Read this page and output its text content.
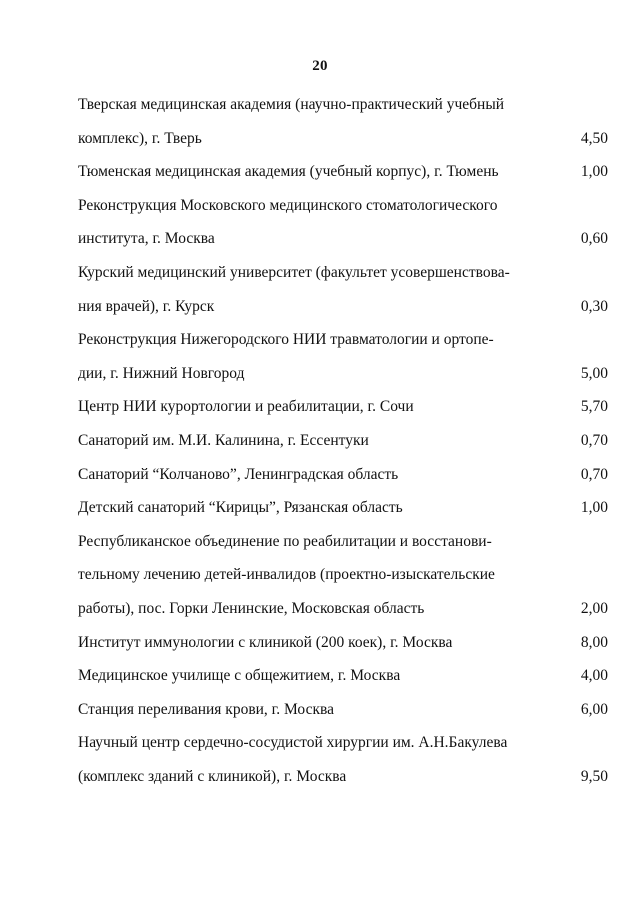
20
Тверская медицинская академия (научно-практический учебный
комплекс), г. Тверь	4,50
Тюменская медицинская академия (учебный корпус), г. Тюмень	1,00
Реконструкция Московского медицинского стоматологического
института, г. Москва	0,60
Курский медицинский университет (факультет усовершенствова-
ния врачей), г. Курск	0,30
Реконструкция Нижегородского НИИ травматологии и ортопе-
дии, г. Нижний Новгород	5,00
Центр НИИ курортологии и реабилитации, г. Сочи	5,70
Санаторий им. М.И. Калинина, г. Ессентуки	0,70
Санаторий “Колчаново”, Ленинградская область	0,70
Детский санаторий “Кирицы”, Рязанская область	1,00
Республиканское объединение по реабилитации и восстанови-
тельному лечению детей-инвалидов (проектно-изыскательские
работы), пос. Горки Ленинские, Московская область	2,00
Институт иммунологии с клиникой (200 коек), г. Москва	8,00
Медицинское училище с общежитием, г. Москва	4,00
Станция переливания крови, г. Москва	6,00
Научный центр сердечно-сосудистой хирургии им. А.Н.Бакулева
(комплекс зданий с клиникой), г. Москва	9,50
